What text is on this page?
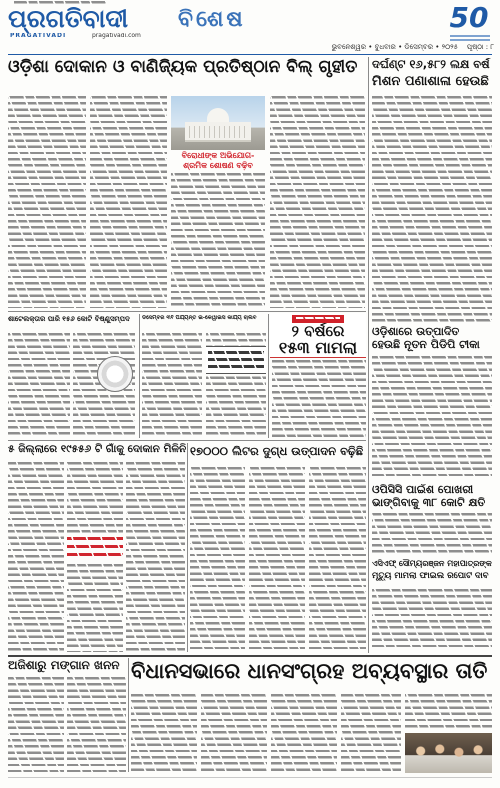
ପ୍ରଗତିବାଦୀ
PRAGATIVADI	pragativadi.com
ବିଶେଷ	50
ଭୁବନେଶ୍ୱର • ବୁଧବାର • ଡିସେମ୍ବର • ୨୦୨୫	ପୃଷ୍ଠା : ୮
ଓଡ଼ିଶା ଦୋକାନ ଓ ବାଣିଜ୍ୟିକ ପ୍ରତିଷ୍ଠାନ ବିଲ୍ ଗୃହୀତ
ବିରୋଧୀଙ୍କ ଅଭିଯୋଗ-
ଶ୍ରମିକ ଶୋଷଣ ବଢ଼ିବ
ଦର୍ଘଣ୍ଟ ୧୬,୫୮୨ ଲକ୍ଷ ବର୍ଷ
ମିଶନ ପଣାଶାଳା ହେଉଛି
ଓଡ଼ିଶାରେ ଉତ୍ପାଦିତ
ହେଉଛି ନୂତନ ପିଡିପି ଟୀକା
ଓପିସିସି ପାଇଁଶ ପୋଖରୀ
ଭାଙ୍ଗିବାକୁ ୩୮ କୋଟି କ୍ଷତି
ଏସିଏଫ୍ ସୌମ୍ୟରଞ୍ଜନ ମହାପାତ୍ରଙ୍କ
ମୃତ୍ୟୁ ମାମଲା ଫାଇଲ ରିପୋର୍ଟ ଦାବି
ଶାଟେଲକ୍ତାର ପାରି ୧୫୬ କୋଟି ବିଷ୍ଣୁସମ୍ପଦ	ଡିସେମ୍ବର ୩୧ ପର୍ଯ୍ୟନ୍ତ ଇ-କେୱାଇସି କାର୍ଯ୍ୟ ଚାଲିବ
୨ ବର୍ଷରେ
୧୫୩ ମାମଲା
୫ ଜିଲ୍ଲାରେ ୧୯୫୫୬ ଟି ଗାଁକୁ ଦୋକାନ ମିଳିନି ୧୭୦୦୦ ଲିଟର ଦୁଗ୍ଧ ଉତ୍ପାଦନ ବଢ଼ିଛି
ଅଜିଶାରୁ ମଙ୍ଗାନ ଖନନ ବିଧାନସଭାରେ ଧାନସଂଗ୍ରହ ଅବ୍ୟବସ୍ଥାର ତାତି
